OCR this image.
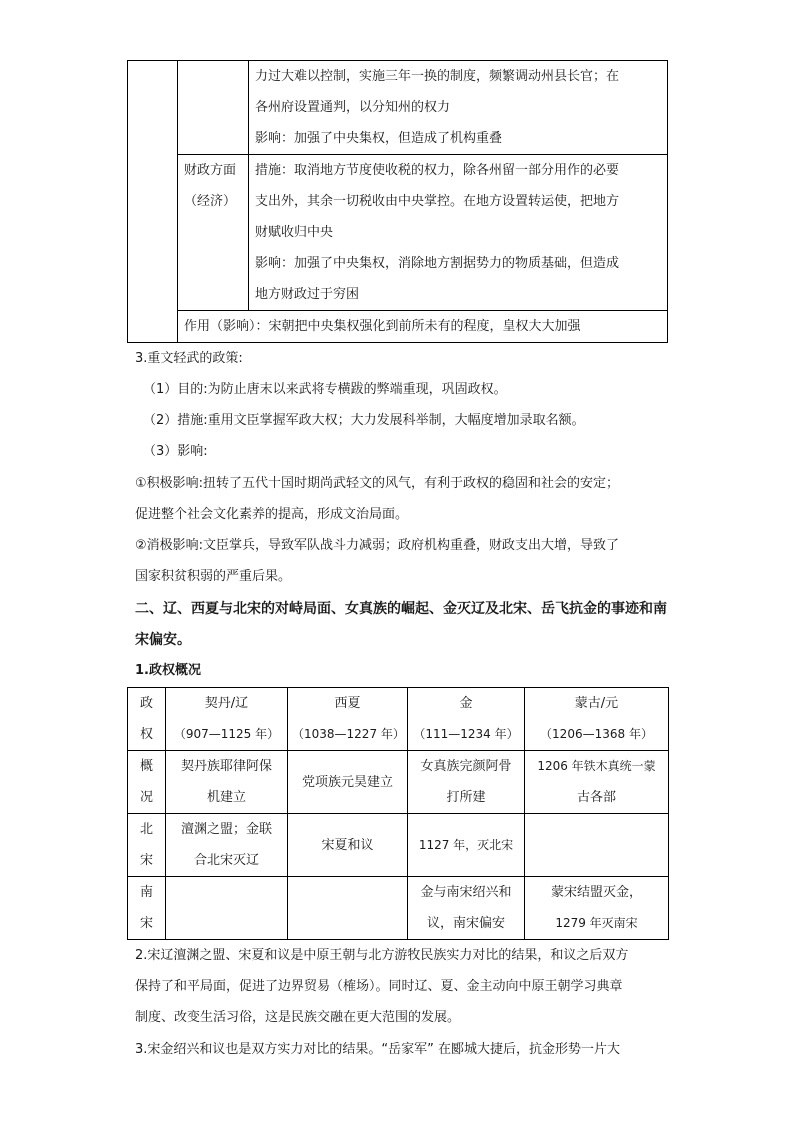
		力过大难以控制，实施三年一换的制度，频繁调动州县长官；在
各州府设置通判，以分知州的权力
影响：加强了中央集权，但造成了机构重叠

	财政方面
（经济）	措施：取消地方节度使收税的权力，除各州留一部分用作的必要
支出外，其余一切税收由中央掌控。在地方设置转运使，把地方
财赋收归中央
影响：加强了中央集权，消除地方割据势力的物质基础，但造成
地方财政过于穷困

	作用（影响）：宋朝把中央集权强化到前所未有的程度，皇权大大加强	
3.重文轻武的政策:
（1）目的:为防止唐末以来武将专横跋的弊端重现，巩固政权。
（2）措施:重用文臣掌握军政大权；大力发展科举制，大幅度增加录取名额。
（3）影响:
①积极影响:扭转了五代十国时期尚武轻文的风气，有利于政权的稳固和社会的安定；
促进整个社会文化素养的提高，形成文治局面。
②消极影响:文臣掌兵，导致军队战斗力减弱；政府机构重叠，财政支出大增，导致了
国家积贫积弱的严重后果。
二、辽、西夏与北宋的对峙局面、女真族的崛起、金灭辽及北宋、岳飞抗金的事迹和南
宋偏安。
1.政权概况
政
权	契丹/辽
（907—1125 年）	西夏
（1038—1227 年）	金
（111—1234 年）	蒙古/元
（1206—1368 年）

概
况	契丹族耶律阿保
机建立	党项族元昊建立	女真族完颜阿骨
打所建	1206 年铁木真统一蒙
古各部

北
宋	澶渊之盟；金联
合北宋灭辽	宋夏和议	1127 年，灭北宋	

南
宋			金与南宋绍兴和
议，南宋偏安	蒙宋结盟灭金，
1279 年灭南宋
2.宋辽澶渊之盟、宋夏和议是中原王朝与北方游牧民族实力对比的结果，和议之后双方
保持了和平局面，促进了边界贸易（榷场）。同时辽、夏、金主动向中原王朝学习典章
制度、改变生活习俗，这是民族交融在更大范围的发展。
3.宋金绍兴和议也是双方实力对比的结果。“岳家军” 在郾城大捷后，抗金形势一片大
